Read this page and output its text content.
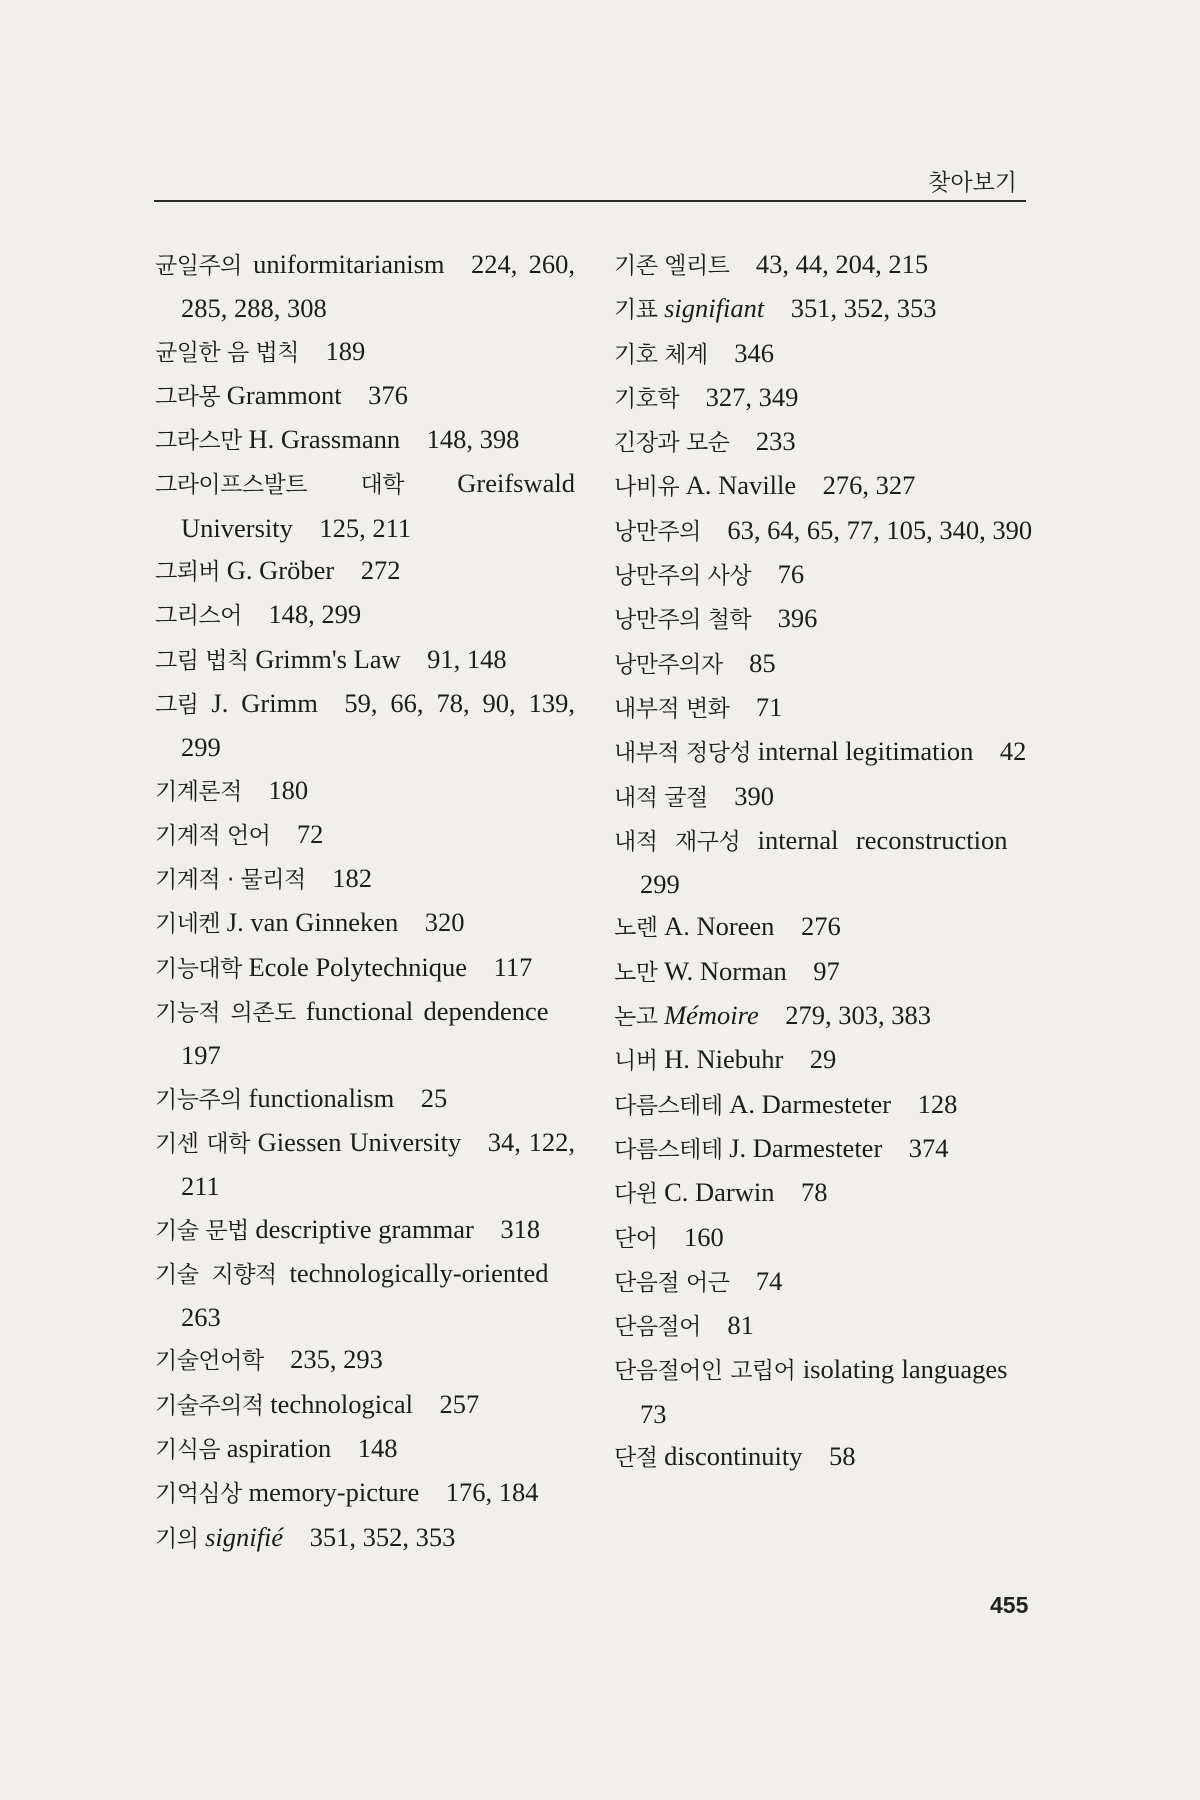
찾아보기

균일주의 uniformitarianism  224, 260, 285, 288, 308

균일한 음 법칙  189

그라몽 Grammont  376

그라스만 H. Grassmann  148, 398

그라이프스발트 대학 Greifswald University  125, 211

그뢰버 G. Gröber  272

그리스어  148, 299

그림 법칙 Grimm's Law  91, 148

그림 J. Grimm  59, 66, 78, 90, 139, 299

기계론적  180

기계적 언어  72

기계적 · 물리적  182

기네켄 J. van Ginneken  320

기능대학 Ecole Polytechnique  117

기능적 의존도 functional dependence 197

기능주의 functionalism  25

기센 대학 Giessen University  34, 122, 211

기술 문법 descriptive grammar  318

기술 지향적 technologically-oriented 263

기술언어학  235, 293

기술주의적 technological  257

기식음 aspiration  148

기억심상 memory-picture  176, 184

기의 signifié  351, 352, 353

기존 엘리트  43, 44, 204, 215

기표 signifiant  351, 352, 353

기호 체계  346

기호학  327, 349

긴장과 모순  233

나비유 A. Naville  276, 327

낭만주의  63, 64, 65, 77, 105, 340, 390

낭만주의 사상  76

낭만주의 철학  396

낭만주의자  85

내부적 변화  71

내부적 정당성 internal legitimation  42

내적 굴절  390

내적 재구성 internal reconstruction 299

노렌 A. Noreen  276

노만 W. Norman  97

논고 Mémoire  279, 303, 383

니버 H. Niebuhr  29

다름스테테 A. Darmesteter  128

다름스테테 J. Darmesteter  374

다윈 C. Darwin  78

단어  160

단음절 어근  74

단음절어  81

단음절어인 고립어 isolating languages 73

단절 discontinuity  58

455
